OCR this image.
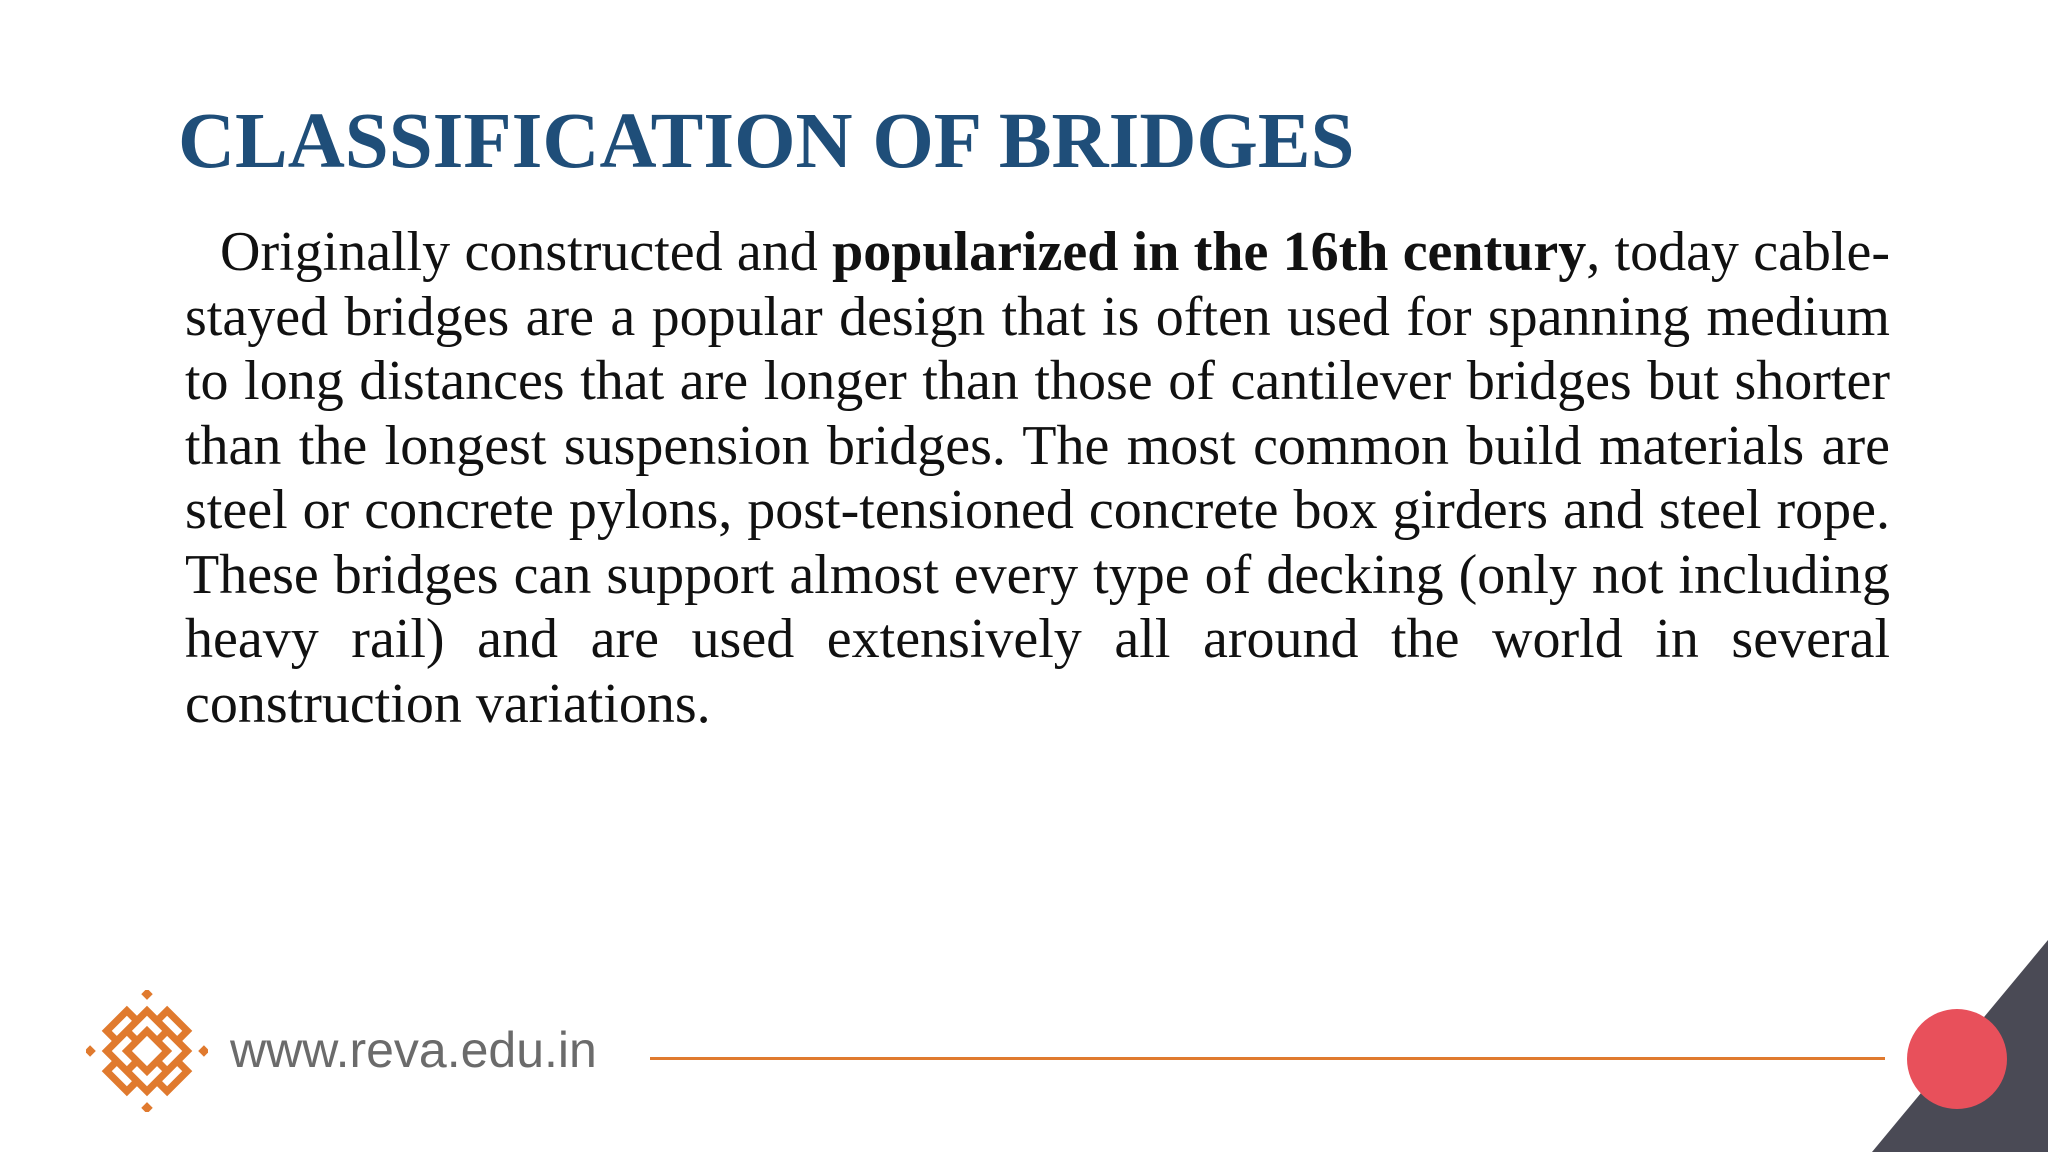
CLASSIFICATION OF BRIDGES

Originally constructed and popularized in the 16th century, today cable-stayed bridges are a popular design that is often used for spanning medium to long distances that are longer than those of cantilever bridges but shorter than the longest suspension bridges. The most common build materials are steel or concrete pylons, post-tensioned concrete box girders and steel rope. These bridges can support almost every type of decking (only not including heavy rail) and are used extensively all around the world in several construction variations.

www.reva.edu.in
